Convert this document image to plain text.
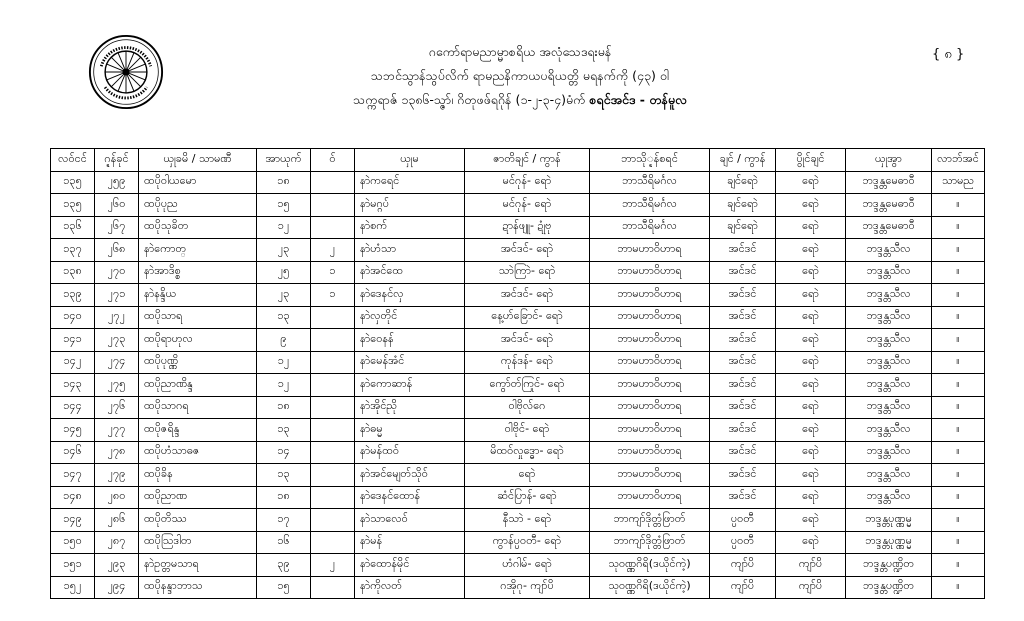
ဂကော်ရာမညာမ္မာစရိယ အလုံသေဒရးမန်
သဘင်သွာန်သွပ်လိက် ရာမညနိကာယပရိယတ္တိ မရနက်ကို (၄၃) ဝါ
သက္ကရာဇ် ၁၃၈၆-သ္ဇာ်၊ ဂိတုဖဖ်ရဂိုန် (၁-၂-၃-၄)မံက် စရင်အင်ဒ - တန်မူလ
{ ၈ }
လဝ်ငင်	ဂ္ဍန်ခုင်	ယှုခမိ / သာမဏီ	အာယုက်	ဝ်	ယှုမ	ဇာတိချင် / ကွာန်	ဘာသို္ဍန်စရင်	ချင် / ကွာန်	ပွိုင်ချင်	ယှုအွာ	လာဘ်အင်
၁၃၅	၂၅၉	ထပိုဝါယမော	၁၈		နာဲကရေင်	မင်ဂုန်- ရောဲ	ဘာသီရိမင်္ဂလ	ချင်ရောဲ	ရောဲ	ဘဒ္ဒန္တမေဓာဝီ	သာမည
၁၃၅	၂၆၀	ထပိုပုည	၁၅		နာဲမဂ္ဂပ်	မင်ဂုန်- ရောဲ	ဘာသီရိမင်္ဂလ	ချင်ရောဲ	ရောဲ	ဘဒ္ဒန္တမေဓာဝီ	။
၁၃၆	၂၆၇	ထပိုသုခိတ	၁၂		နာဲစက်	ဍာန်ဖျူ- ဍုံဗု	ဘာသီရိမင်္ဂလ	ချင်ရောဲ	ရောဲ	ဘဒ္ဒန္တမေဓာဝီ	။
၁၃၇	၂၆၈	နာဲကောတ္	၂၃	၂	နာဲဟံသာ	အင်ဒင်- ရောဲ	ဘာမဟာဝိဟာရ	အင်ဒင်	ရောဲ	ဘဒ္ဒန္တသီလ	။
၁၃၈	၂၇၀	နာဲအာဒိစ္စ	၂၅	၁	နာဲအင်ထေ	သာဲကြာဲ- ရောဲ	ဘာမဟာဝိဟာရ	အင်ဒင်	ရောဲ	ဘဒ္ဒန္တသီလ	။
၁၃၉	၂၇၁	နာဲနန္ဒိယ	၂၃	၁	နာဲဒေနင်လှ	အင်ဒင်- ရောဲ	ဘာမဟာဝိဟာရ	အင်ဒင်	ရောဲ	ဘဒ္ဒန္တသီလ	။
၁၄၀	၂၇၂	ထပိုသာရ	၁၃		နာဲလှတိုင်	နေ့ဟ်ခြောင်- ရောဲ	ဘာမဟာဝိဟာရ	အင်ဒင်	ရောဲ	ဘဒ္ဒန္တသီလ	။
၁၄၁	၂၇၃	ထပိုရာဟုလ	၉		နာဲဝေနန်	အင်ဒင်- ရောဲ	ဘာမဟာဝိဟာရ	အင်ဒင်	ရောဲ	ဘဒ္ဒန္တသီလ	။
၁၄၂	၂၇၄	ထပိုပုဏ္ဏိ	၁၂		နာဲမေန်အံင်	ကုန်ဒန်- ရောဲ	ဘာမဟာဝိဟာရ	အင်ဒင်	ရောဲ	ဘဒ္ဒန္တသီလ	။
၁၄၃	၂၇၅	ထပိုညာဏိန္ဒ	၁၂		နာဲကောဆာန်	ကွော်တ်ကြုင်- ရောဲ	ဘာမဟာဝိဟာရ	အင်ဒင်	ရောဲ	ဘဒ္ဒန္တသီလ	။
၁၄၄	၂၇၆	ထပိုသာဂရ	၁၈		နာဲအိုင်ညို	ဝါဗိုလ်ဂေ	ဘာမဟာဝိဟာရ	အင်ဒင်	ရောဲ	ဘဒ္ဒန္တသီလ	။
၁၄၅	၂၇၇	ထပိုဇရိန္ဒ	၁၃		နာဲဓမ္မ	ဝါဗိုင်- ရောဲ	ဘာမဟာဝိဟာရ	အင်ဒင်	ရောဲ	ဘဒ္ဒန္တသီလ	။
၁၄၆	၂၇၈	ထပိုဟံသာဓဇ	၁၄		နာဲမန်ထဝ်	မိထဝ်လှုဒ္ဓော- ရောဲ	ဘာမဟာဝိဟာရ	အင်ဒင်	ရောဲ	ဘဒ္ဒန္တသီလ	။
၁၄၇	၂၇၉	ထပိုခိန	၁၃		နာဲအင်မျေတ်သိုဝ်	ရောဲ	ဘာမဟာဝိဟာရ	အင်ဒင်	ရောဲ	ဘဒ္ဒန္တသီလ	။
၁၄၈	၂၈၀	ထပိုညာဏ	၁၈		နာဲဒေနင်ထောန်	ဆံင်ပြာန်- ရောဲ	ဘာမဟာဝိဟာရ	အင်ဒင်	ရောဲ	ဘဒ္ဒန္တသီလ	။
၁၄၉	၂၈၆	ထပိုတိဿ	၁၇		နာဲသာလေဝ်	နီသာဲ - ရောဲ	ဘာကျာ်ဒိုတ္တံဖြာတ်	ပ္ပဝတီ	ရောဲ	ဘဒ္ဒန္တပုဏ္ဏမ္မ	။
၁၅၀	၂၈၇	ထပိုသြဒါတ	၁၆		နာဲမန်	ကွာန်ပ္ပဝတီ- ရောဲ	ဘာကျာ်ဒိုတ္တံဖြာတ်	ပ္ပဝတီ	ရောဲ	ဘဒ္ဒန္တပုဏ္ဏမ္မ	။
၁၅၁	၂၉၃	နာဲဥတ္တမသာရ	၃၉	၂	နာဲထောန်မိုင်	ဟံဂါမ်- ရောဲ	သုဝဏ္ဏဂိရိ(ဒယိုင်ကဲ့)	ကျာ်ပိ	ကျာ်ပိ	ဘဒ္ဒန္တပဏ္ဍိတ	။
၁၅၂	၂၉၄	ထပိုနန္ဒာဘာသ	၁၅		နာဲကိုလတ်	ဂအိုဂု- ကျာ်ပိ	သုဝဏ္ဏဂိရိ(ဒယိုင်ကဲ့)	ကျာ်ပိ	ကျာ်ပိ	ဘဒ္ဒန္တပဏ္ဍိတ	။
